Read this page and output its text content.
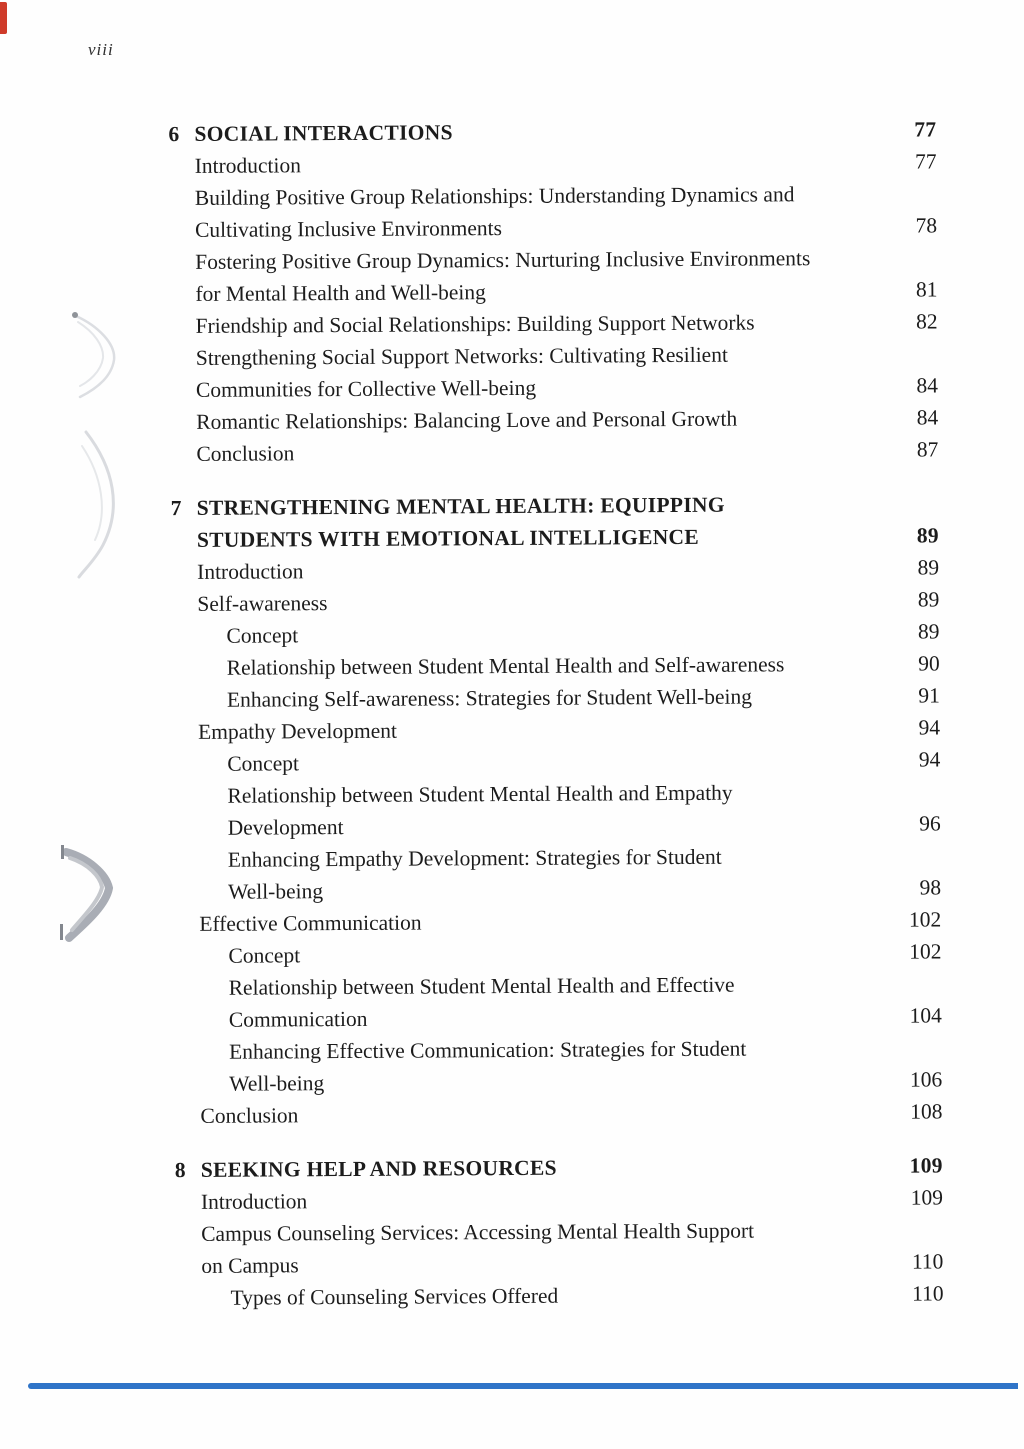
viii
6 SOCIAL INTERACTIONS	77
Introduction	77
Building Positive Group Relationships: Understanding Dynamics and
Cultivating Inclusive Environments	78
Fostering Positive Group Dynamics: Nurturing Inclusive Environments
for Mental Health and Well-being	81
Friendship and Social Relationships: Building Support Networks	82
Strengthening Social Support Networks: Cultivating Resilient
Communities for Collective Well-being	84
Romantic Relationships: Balancing Love and Personal Growth	84
Conclusion	87
7 STRENGTHENING MENTAL HEALTH: EQUIPPING
STUDENTS WITH EMOTIONAL INTELLIGENCE	89
Introduction	89
Self-awareness	89
Concept	89
Relationship between Student Mental Health and Self-awareness	90
Enhancing Self-awareness: Strategies for Student Well-being	91
Empathy Development	94
Concept	94
Relationship between Student Mental Health and Empathy
Development	96
Enhancing Empathy Development: Strategies for Student
Well-being	98
Effective Communication	102
Concept	102
Relationship between Student Mental Health and Effective
Communication	104
Enhancing Effective Communication: Strategies for Student
Well-being	106
Conclusion	108
8 SEEKING HELP AND RESOURCES	109
Introduction	109
Campus Counseling Services: Accessing Mental Health Support
on Campus	110
Types of Counseling Services Offered	110
